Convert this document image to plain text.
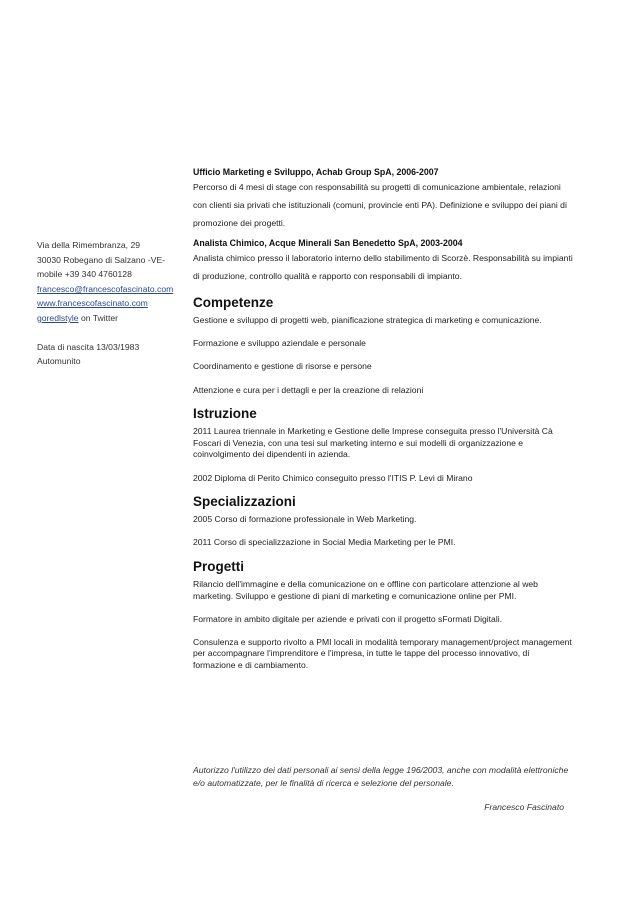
Via della Rimembranza, 29
30030 Robegano di Salzano -VE-
mobile +39 340 4760128
francesco@francescofascinato.com
www.francescofascinato.com
goredlstyle on Twitter
Data di nascita 13/03/1983
Automunito
Ufficio Marketing e Sviluppo, Achab Group SpA, 2006-2007
Percorso di 4 mesi di stage con responsabilità su progetti di comunicazione ambientale, relazioni con clienti sia privati che istituzionali (comuni, provincie enti PA). Definizione e sviluppo dei piani di promozione dei progetti.
Analista Chimico, Acque Minerali San Benedetto SpA, 2003-2004
Analista chimico presso il laboratorio interno dello stabilimento di Scorzè. Responsabilità su impianti di produzione, controllo qualità e rapporto con responsabili di impianto.
Competenze
Gestione e sviluppo di progetti web, pianificazione strategica di marketing e comunicazione.
Formazione e sviluppo aziendale e personale
Coordinamento e gestione di risorse e persone
Attenzione e cura per i dettagli e per la creazione di relazioni
Istruzione
2011 Laurea triennale in Marketing e Gestione delle Imprese conseguita presso l'Università Cà Foscari di Venezia, con una tesi sul marketing interno e sui modelli di organizzazione e coinvolgimento dei dipendenti in azienda.
2002 Diploma di Perito Chimico conseguito presso l'ITIS P. Levi di Mirano
Specializzazioni
2005 Corso di formazione professionale in Web Marketing.
2011 Corso di specializzazione in Social Media Marketing per le PMI.
Progetti
Rilancio dell'immagine e della comunicazione on e offline con particolare attenzione al web marketing. Sviluppo e gestione di piani di marketing e comunicazione online per PMI.
Formatore in ambito digitale per aziende e privati con il progetto sFormati Digitali.
Consulenza e supporto rivolto a PMI locali in modalità temporary management/project management per accompagnare l'imprenditore e l'impresa, in tutte le tappe del processo innovativo, di formazione e di cambiamento.
Autorizzo l'utilizzo dei dati personali ai sensi della legge 196/2003, anche con modalità elettroniche e/o automatizzate, per le finalità di ricerca e selezione del personale.
Francesco Fascinato
